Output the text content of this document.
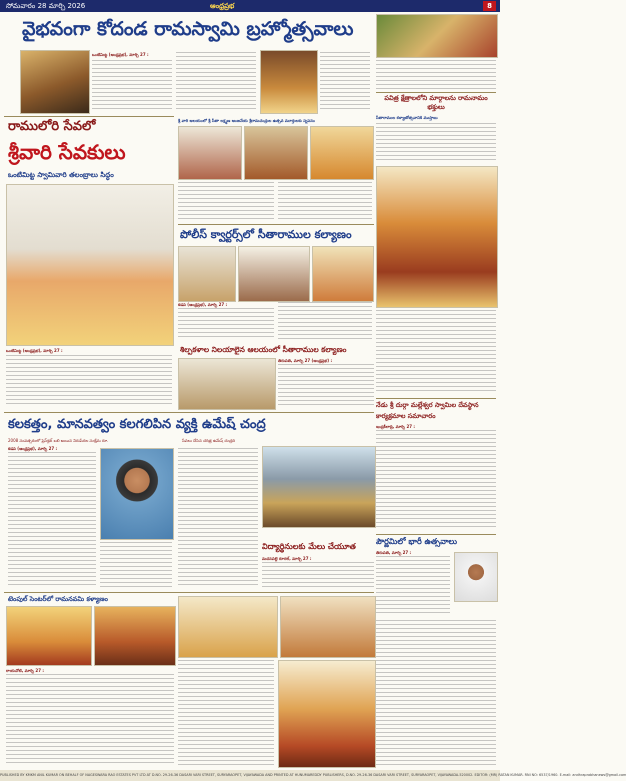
సోమవారం 28 మార్చి 2026	ఆంధ్రప్రభ	8
వైభవంగా కోదండ రామస్వామి బ్రహ్మోత్సవాలు
ఒంటిమిట్ట (ఆంధ్రప్రభ), మార్చి 27 :
పవిత్ర క్షేత్రాలలోని మార్గాలను రామనామం భక్తులు
సీతారాముల కళ్యాణోత్సవానికి ముస్తాబు
రాములోరి సేవలో
శ్రీవారి సేవకులు
ఒంటిమిట్ట స్వామివారి తలంబ్రాలు సిద్ధం
ఒంటిమిట్ట (ఆంధ్రప్రభ), మార్చి 27 :
శ్రీ వారి ఆలయంలో శ్రీ సీతా లక్ష్మణ ఆంజనేయ శ్రీరామచంద్రుల ఉత్సవ మూర్తులకు స్నపనం
పోలీస్ క్వార్టర్స్‌లో సీతారాముల కల్యాణం
కడప (ఆంధ్రప్రభ), మార్చి 27 :
శిల్పకళాల నిలయాలైన ఆలయంలో సీతారాముల కల్యాణం
తిరుపతి, మార్చి 27 (ఆంధ్రప్రభ) :
కలకత్తం, మానవత్వం కలగలిపిన వ్యక్తి ఉమేష్ చంద్ర
2008 సంవత్సరంలో ప్రెస్‌క్లబ్ బలి అయిన నిరుపేదల సంక్షేమ రూ.	సేవలు చేసిన చరిత్ర ఉమేష్ చంద్రది
కడప (ఆంధ్రప్రభ), మార్చి 27 :
విద్యార్థినులకు మేలు చేయూత
మదనపల్లె రూరల్, మార్చి 27 :
నేడు శ్రీ దుర్గా మల్లేశ్వర స్వామిల దేవస్థాన కార్యక్రమాల సమాచారం
ఇంద్రకీలాద్రి, మార్చి 27 :
పౌర్ణమిలో భారీ ఉత్సవాలు
తిరుపతి, మార్చి 27 :
టెంపుల్ సెంటర్‌లో రామనవమి కళ్యాణం
రాయచోటి, మార్చి 27 :
PUBLISHED BY KMKM ANIL KUMAR ON BEHALF OF NAGESWARA RAO ESTATES PVT LTD AT D.NO. 29-26-36 DASARI VARI STREET, SURYARAOPET, VIJAYAWADA AND PRINTED AT HUNUMAREDDY PUBLISHERS, D.NO. 29-26-36 DASARI VARI STREET, SURYARAOPET, VIJAYAWADA-520002. EDITOR: (MR) RATAN KUMAR. RNI NO: 6537/1960. E-mail: andhraprabhanews@gmail.com
